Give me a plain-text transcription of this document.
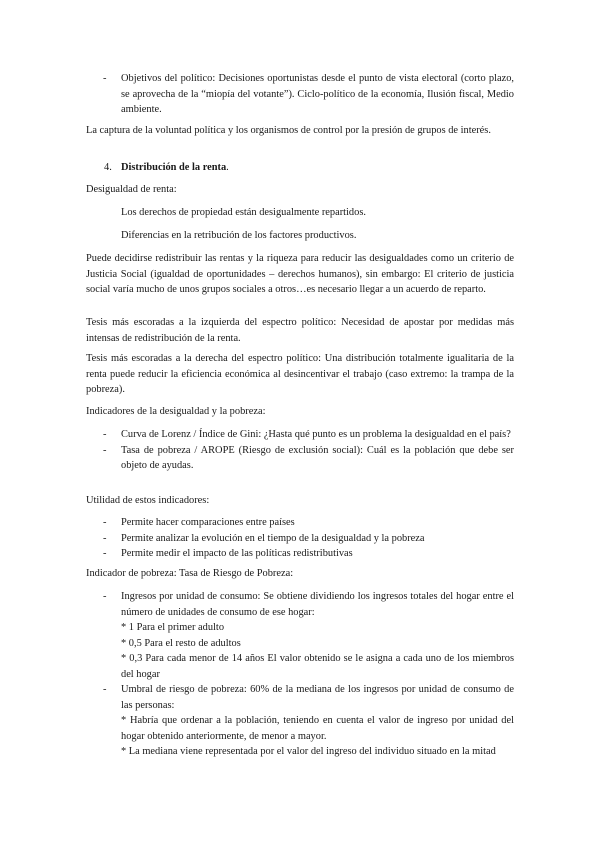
- Objetivos del político: Decisiones oportunistas desde el punto de vista electoral (corto plazo, se aprovecha de la “miopía del votante”). Ciclo-político de la economía, Ilusión fiscal, Medio ambiente.

La captura de la voluntad política y los organismos de control por la presión de grupos de interés.

4. Distribución de la renta.

Desigualdad de renta:

Los derechos de propiedad están desigualmente repartidos.

Diferencias en la retribución de los factores productivos.

Puede decidirse redistribuir las rentas y la riqueza para reducir las desigualdades como un criterio de Justicia Social (igualdad de oportunidades – derechos humanos), sin embargo: El criterio de justicia social varía mucho de unos grupos sociales a otros…es necesario llegar a un acuerdo de reparto.

Tesis más escoradas a la izquierda del espectro político: Necesidad de apostar por medidas más intensas de redistribución de la renta.

Tesis más escoradas a la derecha del espectro político: Una distribución totalmente igualitaria de la renta puede reducir la eficiencia económica al desincentivar el trabajo (caso extremo: la trampa de la pobreza).

Indicadores de la desigualdad y la pobreza:

- Curva de Lorenz / Índice de Gini: ¿Hasta qué punto es un problema la desigualdad en el país?
- Tasa de pobreza / AROPE (Riesgo de exclusión social): Cuál es la población que debe ser objeto de ayudas.

Utilidad de estos indicadores:

- Permite hacer comparaciones entre países
- Permite analizar la evolución en el tiempo de la desigualdad y la pobreza
- Permite medir el impacto de las políticas redistributivas

Indicador de pobreza: Tasa de Riesgo de Pobreza:

- Ingresos por unidad de consumo: Se obtiene dividiendo los ingresos totales del hogar entre el número de unidades de consumo de ese hogar:
* 1 Para el primer adulto
* 0,5 Para el resto de adultos
* 0,3 Para cada menor de 14 años El valor obtenido se le asigna a cada uno de los miembros del hogar
- Umbral de riesgo de pobreza: 60% de la mediana de los ingresos por unidad de consumo de las personas:
* Habría que ordenar a la población, teniendo en cuenta el valor de ingreso por unidad del hogar obtenido anteriormente, de menor a mayor.
* La mediana viene representada por el valor del ingreso del individuo situado en la mitad
